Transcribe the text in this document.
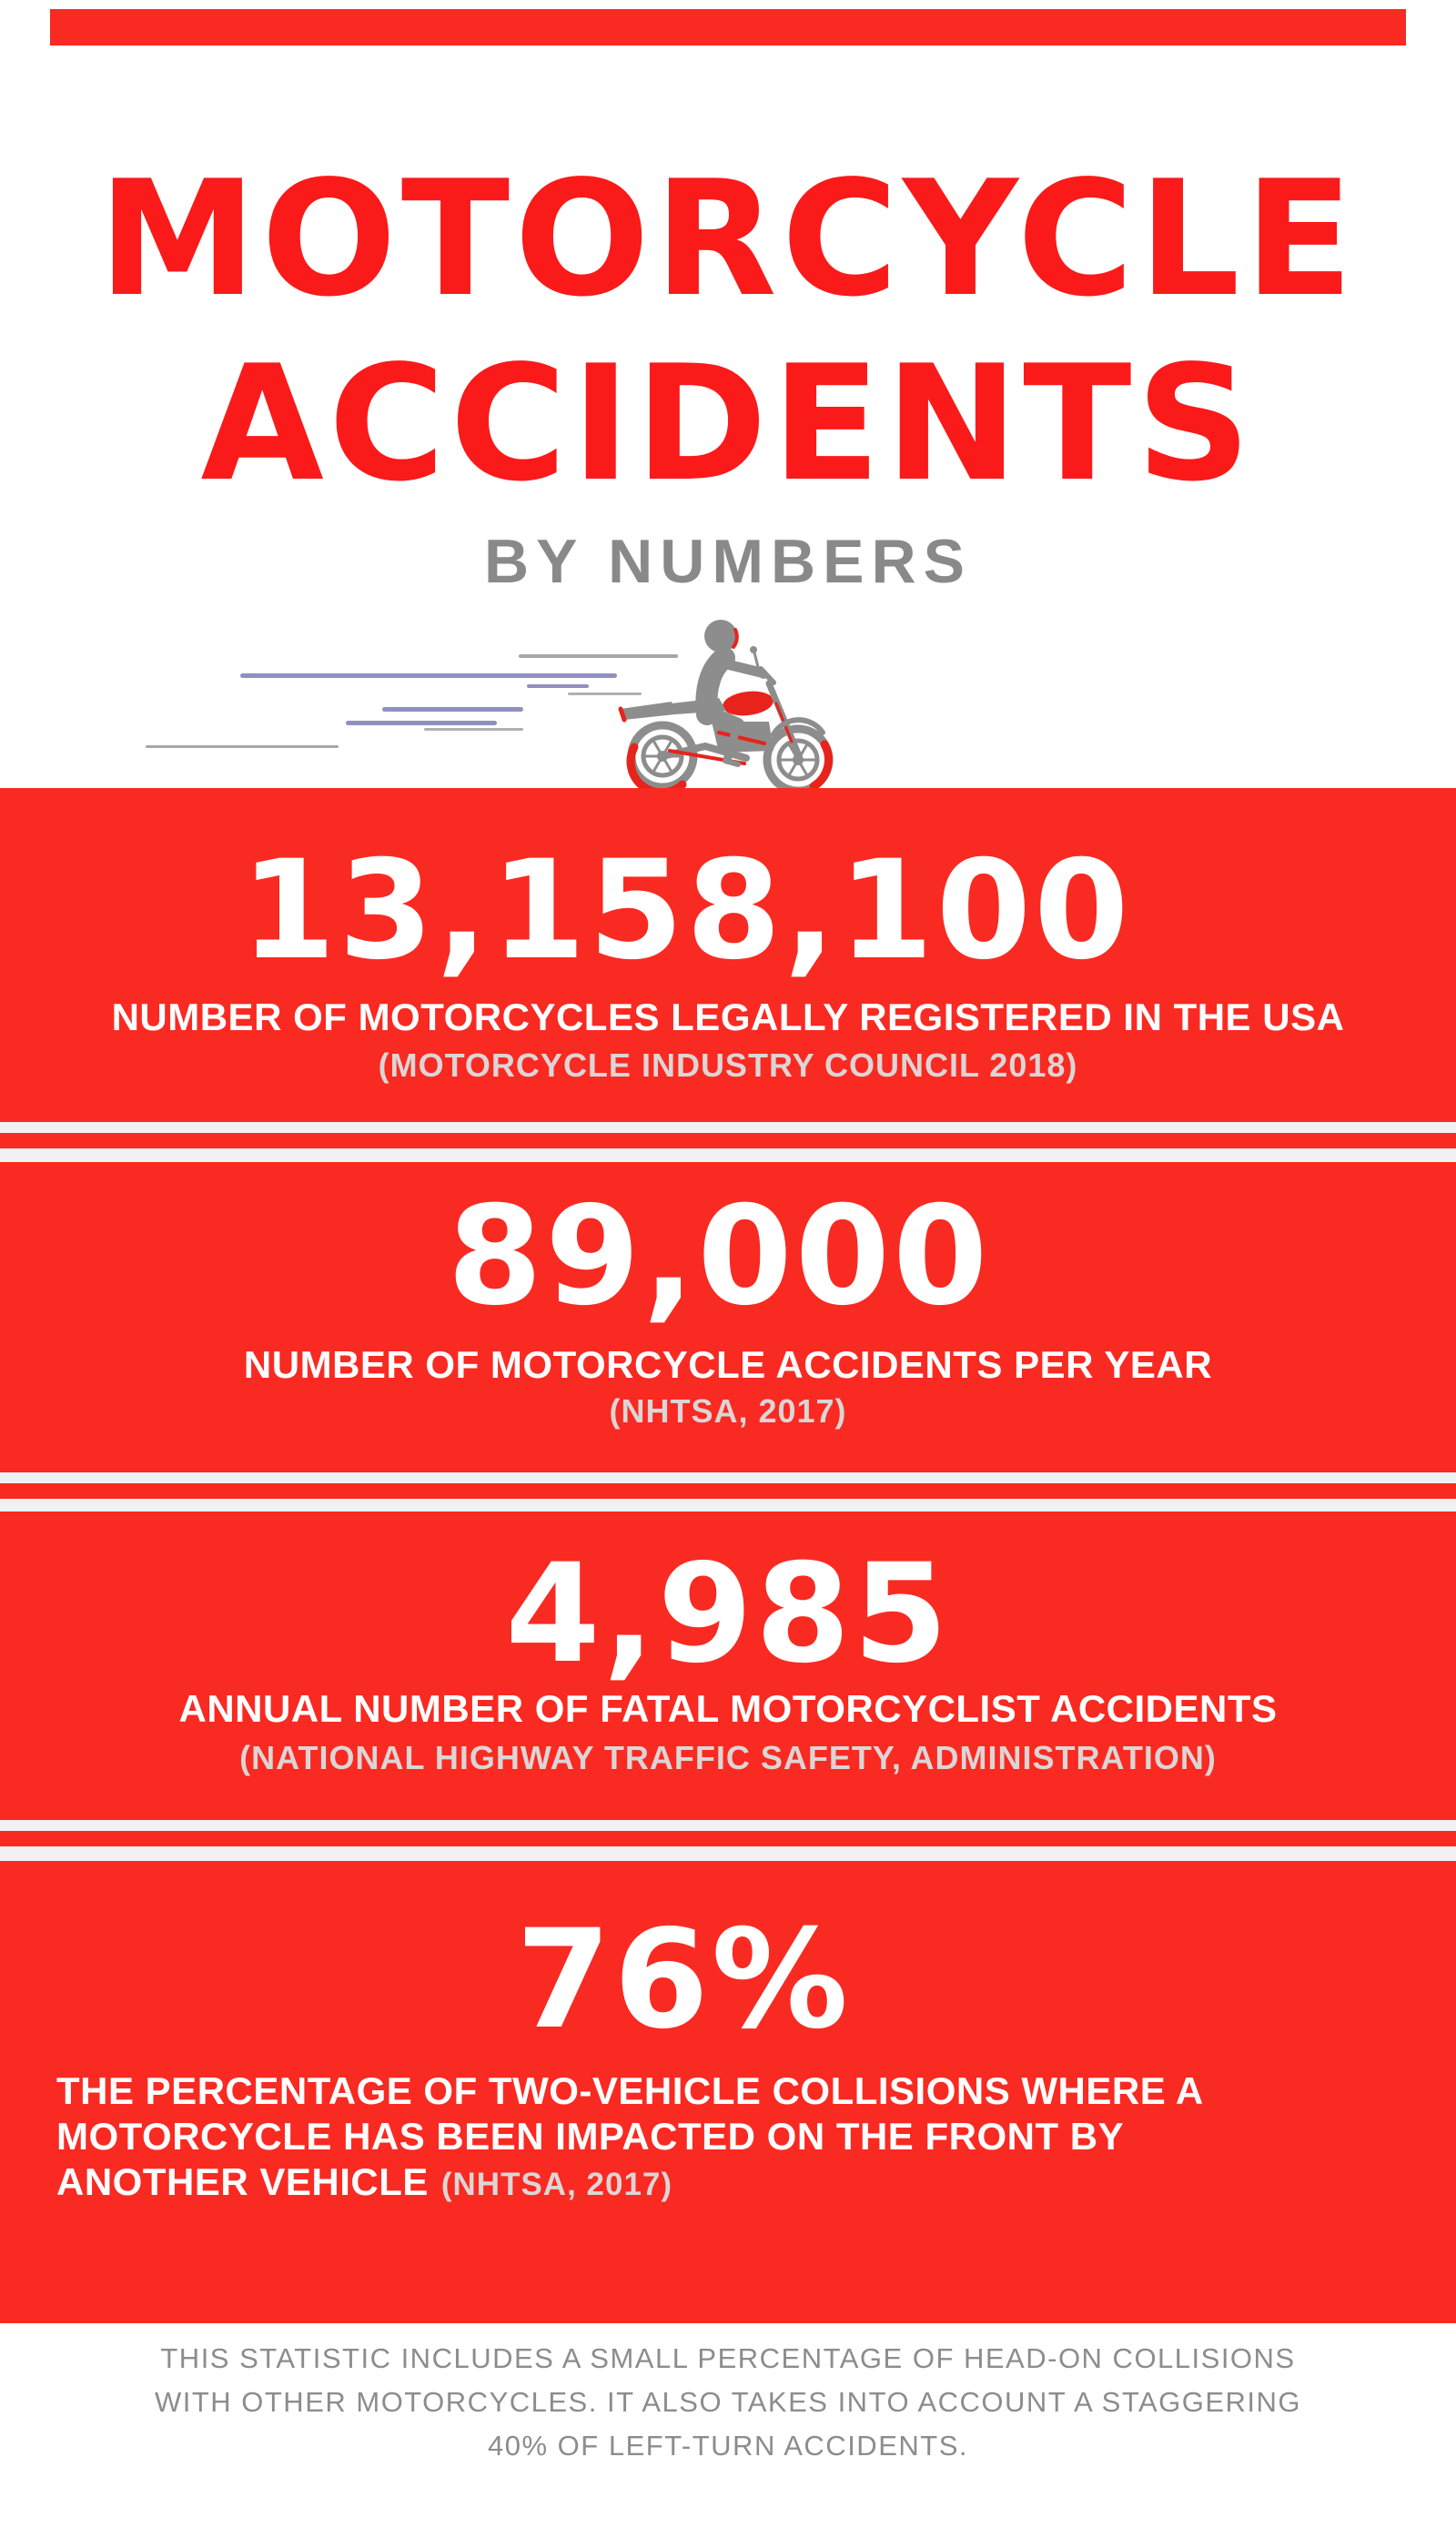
MOTORCYCLE
ACCIDENTS
BY NUMBERS
13,158,100
NUMBER OF MOTORCYCLES LEGALLY REGISTERED IN THE USA
(MOTORCYCLE INDUSTRY COUNCIL 2018)
89,000
NUMBER OF MOTORCYCLE ACCIDENTS PER YEAR
(NHTSA, 2017)
4,985
ANNUAL NUMBER OF FATAL MOTORCYCLIST ACCIDENTS
(NATIONAL HIGHWAY TRAFFIC SAFETY, ADMINISTRATION)
76%
THE PERCENTAGE OF TWO-VEHICLE COLLISIONS WHERE A
MOTORCYCLE HAS BEEN IMPACTED ON THE FRONT BY
ANOTHER VEHICLE (NHTSA, 2017)
THIS STATISTIC INCLUDES A SMALL PERCENTAGE OF HEAD-ON COLLISIONS
WITH OTHER MOTORCYCLES. IT ALSO TAKES INTO ACCOUNT A STAGGERING
40% OF LEFT-TURN ACCIDENTS.
